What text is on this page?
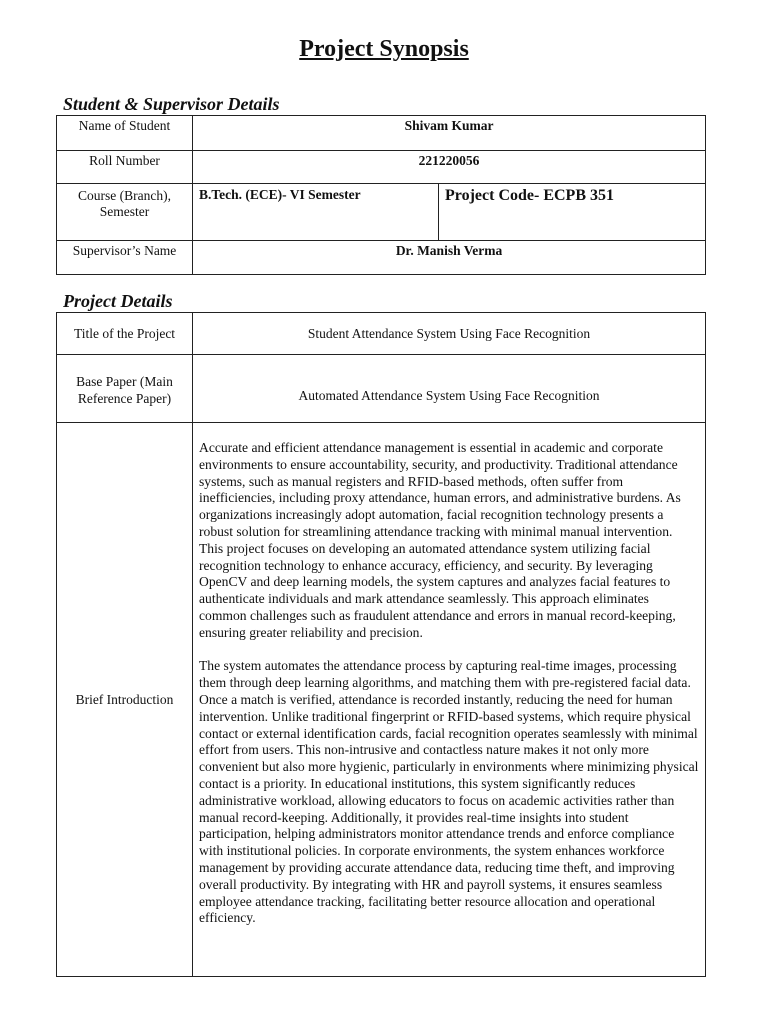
Project Synopsis
Student & Supervisor Details
Name of Student	Shivam Kumar	
Roll Number	221220056	
Course (Branch), Semester	B.Tech. (ECE)- VI Semester	Project Code- ECPB 351
Supervisor’s Name	Dr. Manish Verma	
Project Details
Title of the Project	Student Attendance System Using Face Recognition
Base Paper (Main Reference Paper)	Automated Attendance System Using Face Recognition
Brief Introduction	Accurate and efficient attendance management is essential in academic and corporate environments to ensure accountability, security, and productivity. Traditional attendance systems, such as manual registers and RFID-based methods, often suffer from inefficiencies, including proxy attendance, human errors, and administrative burdens. As organizations increasingly adopt automation, facial recognition technology presents a robust solution for streamlining attendance tracking with minimal manual intervention. This project focuses on developing an automated attendance system utilizing facial recognition technology to enhance accuracy, efficiency, and security. By leveraging OpenCV and deep learning models, the system captures and analyzes facial features to authenticate individuals and mark attendance seamlessly. This approach eliminates common challenges such as fraudulent attendance and errors in manual record-keeping, ensuring greater reliability and precision.

The system automates the attendance process by capturing real-time images, processing them through deep learning algorithms, and matching them with pre-registered facial data. Once a match is verified, attendance is recorded instantly, reducing the need for human intervention. Unlike traditional fingerprint or RFID-based systems, which require physical contact or external identification cards, facial recognition operates seamlessly with minimal effort from users. This non-intrusive and contactless nature makes it not only more convenient but also more hygienic, particularly in environments where minimizing physical contact is a priority. In educational institutions, this system significantly reduces administrative workload, allowing educators to focus on academic activities rather than manual record-keeping. Additionally, it provides real-time insights into student participation, helping administrators monitor attendance trends and enforce compliance with institutional policies. In corporate environments, the system enhances workforce management by providing accurate attendance data, reducing time theft, and improving overall productivity. By integrating with HR and payroll systems, it ensures seamless employee attendance tracking, facilitating better resource allocation and operational efficiency.
